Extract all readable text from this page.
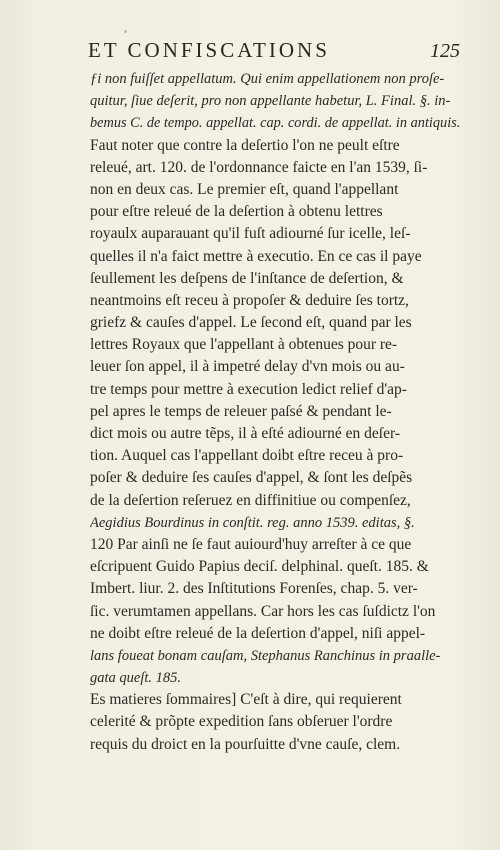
ET CONFISCATIONS	125
ƒi non fuiſſet appellatum. Qui enim appellationem non proſe-
quitur, ſiue deſerit, pro non appellante habetur, L. Final. §. in-
bemus C. de tempo. appellat. cap. cordi. de appellat. in antiquis.
Faut noter que contre la deſertio l'on ne peult eſtre
releué, art. 120. de l'ordonnance faicte en l'an 1539, ſi-
non en deux cas. Le premier eſt, quand l'appellant
pour eſtre releué de la deſertion à obtenu lettres
royaulx auparauant qu'il fuſt adiourné ſur icelle, leſ-
quelles il n'a faict mettre à executio. En ce cas il paye
ſeullement les deſpens de l'inſtance de deſertion, &
neantmoins eſt receu à propoſer & deduire ſes tortz,
griefz & cauſes d'appel. Le ſecond eſt, quand par les
lettres Royaux que l'appellant à obtenues pour re-
leuer ſon appel, il à impetré delay d'vn mois ou au-
tre temps pour mettre à execution ledict relief d'ap-
pel apres le temps de releuer paſsé & pendant le-
dict mois ou autre tẽps, il à eſté adiourné en deſer-
tion. Auquel cas l'appellant doibt eſtre receu à pro-
poſer & deduire ſes cauſes d'appel, & ſont les deſpẽs
de la deſertion reſeruez en diffinitiue ou compenſez,
Aegidius Bourdinus in conſtit. reg. anno 1539. editas, §.
120 Par ainſi ne ſe faut auiourd'huy arreſter à ce que
eſcripuent Guido Papius deciſ. delphinal. queſt. 185. &
Imbert. liur. 2. des Inſtitutions Forenſes, chap. 5. ver-
ſic. verumtamen appellans. Car hors les cas ſuſdictz l'on
ne doibt eſtre releué de la deſertion d'appel, niſi appel-
lans foueat bonam cauſam, Stephanus Ranchinus in praalle-
gata queſt. 185.
Es matieres ſommaires] C'eſt à dire, qui requierent
celerité & prõpte expedition ſans obſeruer l'ordre
requis du droict en la pourſuitte d'vne cauſe, clem.
